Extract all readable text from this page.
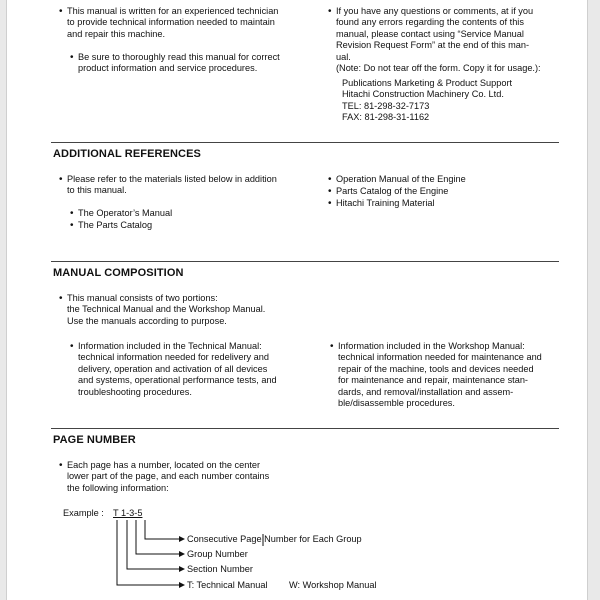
• This manual is written for an experienced technician
to provide technical information needed to maintain
and repair this machine.
• Be sure to thoroughly read this manual for correct
product information and service procedures.
• If you have any questions or comments, at if you
found any errors regarding the contents of this
manual, please contact using “Service Manual
Revision Request Form” at the end of this man-
ual.
(Note: Do not tear off the form. Copy it for usage.):
Publications Marketing & Product Support
Hitachi Construction Machinery Co. Ltd.
TEL: 81-298-32-7173
FAX: 81-298-31-1162
ADDITIONAL REFERENCES
• Please refer to the materials listed below in addition
to this manual.
• The Operator’s Manual
• The Parts Catalog
• Operation Manual of the Engine
• Parts Catalog of the Engine
• Hitachi Training Material
MANUAL COMPOSITION
• This manual consists of two portions:
the Technical Manual and the Workshop Manual.
Use the manuals according to purpose.
• Information included in the Technical Manual:
technical information needed for redelivery and
delivery, operation and activation of all devices
and systems, operational performance tests, and
troubleshooting procedures.
• Information included in the Workshop Manual:
technical information needed for maintenance and
repair of the machine, tools and devices needed
for maintenance and repair, maintenance stan-
dards, and removal/installation and assem-
ble/disassemble procedures.
PAGE NUMBER
• Each page has a number, located on the center
lower part of the page, and each number contains
the following information:
Example : T 1-3-5
Consecutive Page Number for Each Group
Group Number
Section Number
T: Technical Manual W: Workshop Manual
